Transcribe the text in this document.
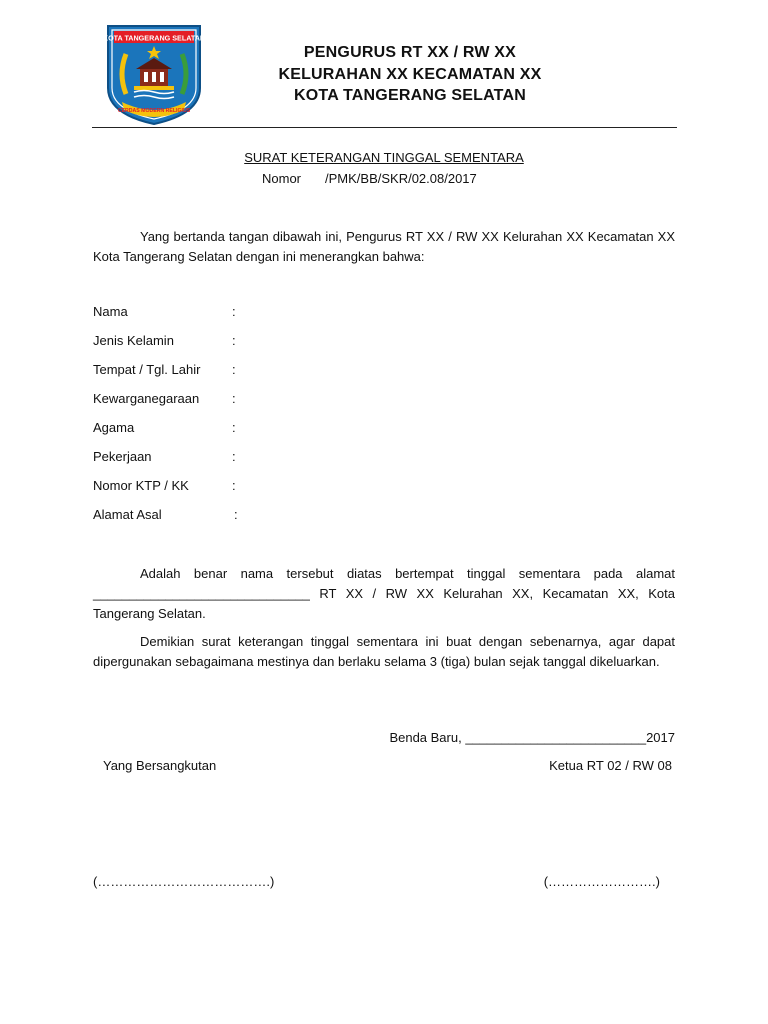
KOTA TANGERANG SELATAN
CERDAS MODERN RELIGIUS
PENGURUS RT XX / RW XX
KELURAHAN XX KECAMATAN XX
KOTA TANGERANG SELATAN
SURAT KETERANGAN TINGGAL SEMENTARA
Nomor /PMK/BB/SKR/02.08/2017
Yang bertanda tangan dibawah ini, Pengurus RT XX / RW XX Kelurahan XX Kecamatan XX Kota Tangerang Selatan dengan ini menerangkan bahwa:
Nama	:
Jenis Kelamin	:
Tempat / Tgl. Lahir :
Kewarganegaraan	:
Agama	:
Pekerjaan	:
Nomor KTP / KK	:
Alamat Asal	:
Adalah benar nama tersebut diatas bertempat tinggal sementara pada alamat ______________________________ RT XX / RW XX Kelurahan XX, Kecamatan XX, Kota Tangerang Selatan.
Demikian surat keterangan tinggal sementara ini buat dengan sebenarnya, agar dapat dipergunakan sebagaimana mestinya dan berlaku selama 3 (tiga) bulan sejak tanggal dikeluarkan.
Benda Baru, _________________________2017
Yang Bersangkutan	Ketua RT 02 / RW 08
(………………………………….)	(…………………….)
